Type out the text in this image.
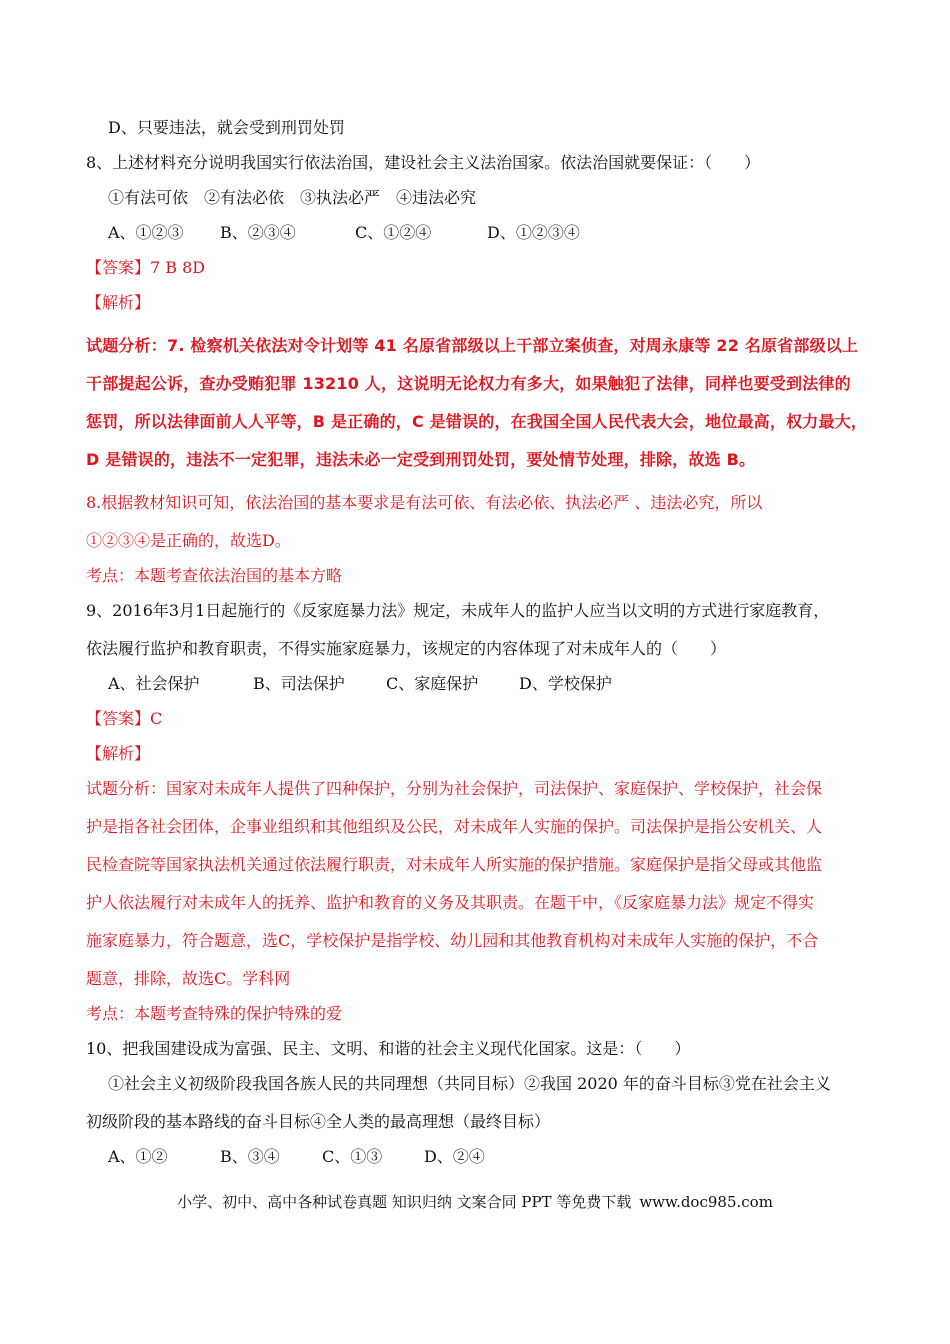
D、只要违法，就会受到刑罚处罚
8、上述材料充分说明我国实行依法治国，建设社会主义法治国家。依法治国就要保证：（　　）
①有法可依　②有法必依　③执法必严　④违法必究
A、①②③ B、②③④	C、①②④	D、①②③④
【答案】7 B 8D
【解析】
试题分析：7. 检察机关依法对令计划等 41 名原省部级以上干部立案侦查，对周永康等 22 名原省部级以上
干部提起公诉，查办受贿犯罪 13210 人，这说明无论权力有多大，如果触犯了法律，同样也要受到法律的
惩罚，所以法律面前人人平等，B 是正确的，C 是错误的，在我国全国人民代表大会，地位最高，权力最大，
D 是错误的，违法不一定犯罪，违法未必一定受到刑罚处罚，要处情节处理，排除，故选 B。
8.根据教材知识可知，依法治国的基本要求是有法可依、有法必依、执法必严 、违法必究，所以
①②③④是正确的，故选D。
考点：本题考查依法治国的基本方略
9、2016年3月1日起施行的《反家庭暴力法》规定，未成年人的监护人应当以文明的方式进行家庭教育，
依法履行监护和教育职责，不得实施家庭暴力，该规定的内容体现了对未成年人的（　　）
A、社会保护	B、司法保护	C、家庭保护	D、学校保护
【答案】C
【解析】
试题分析：国家对未成年人提供了四种保护，分别为社会保护，司法保护、家庭保护、学校保护，社会保
护是指各社会团体，企事业组织和其他组织及公民，对未成年人实施的保护。司法保护是指公安机关、人
民检查院等国家执法机关通过依法履行职责，对未成年人所实施的保护措施。家庭保护是指父母或其他监
护人依法履行对未成年人的抚养、监护和教育的义务及其职责。在题干中，《反家庭暴力法》规定不得实
施家庭暴力，符合题意，选C，学校保护是指学校、幼儿园和其他教育机构对未成年人实施的保护，不合
题意，排除，故选C。学科网
考点：本题考查特殊的保护特殊的爱
10、把我国建设成为富强、民主、文明、和谐的社会主义现代化国家。这是：（　　）
①社会主义初级阶段我国各族人民的共同理想（共同目标）②我国 2020 年的奋斗目标③党在社会主义
初级阶段的基本路线的奋斗目标④全人类的最高理想（最终目标）
A、①②	B、③④	C、①③	D、②④
小学、初中、高中各种试卷真题 知识归纳 文案合同 PPT 等免费下载 www.doc985.com
